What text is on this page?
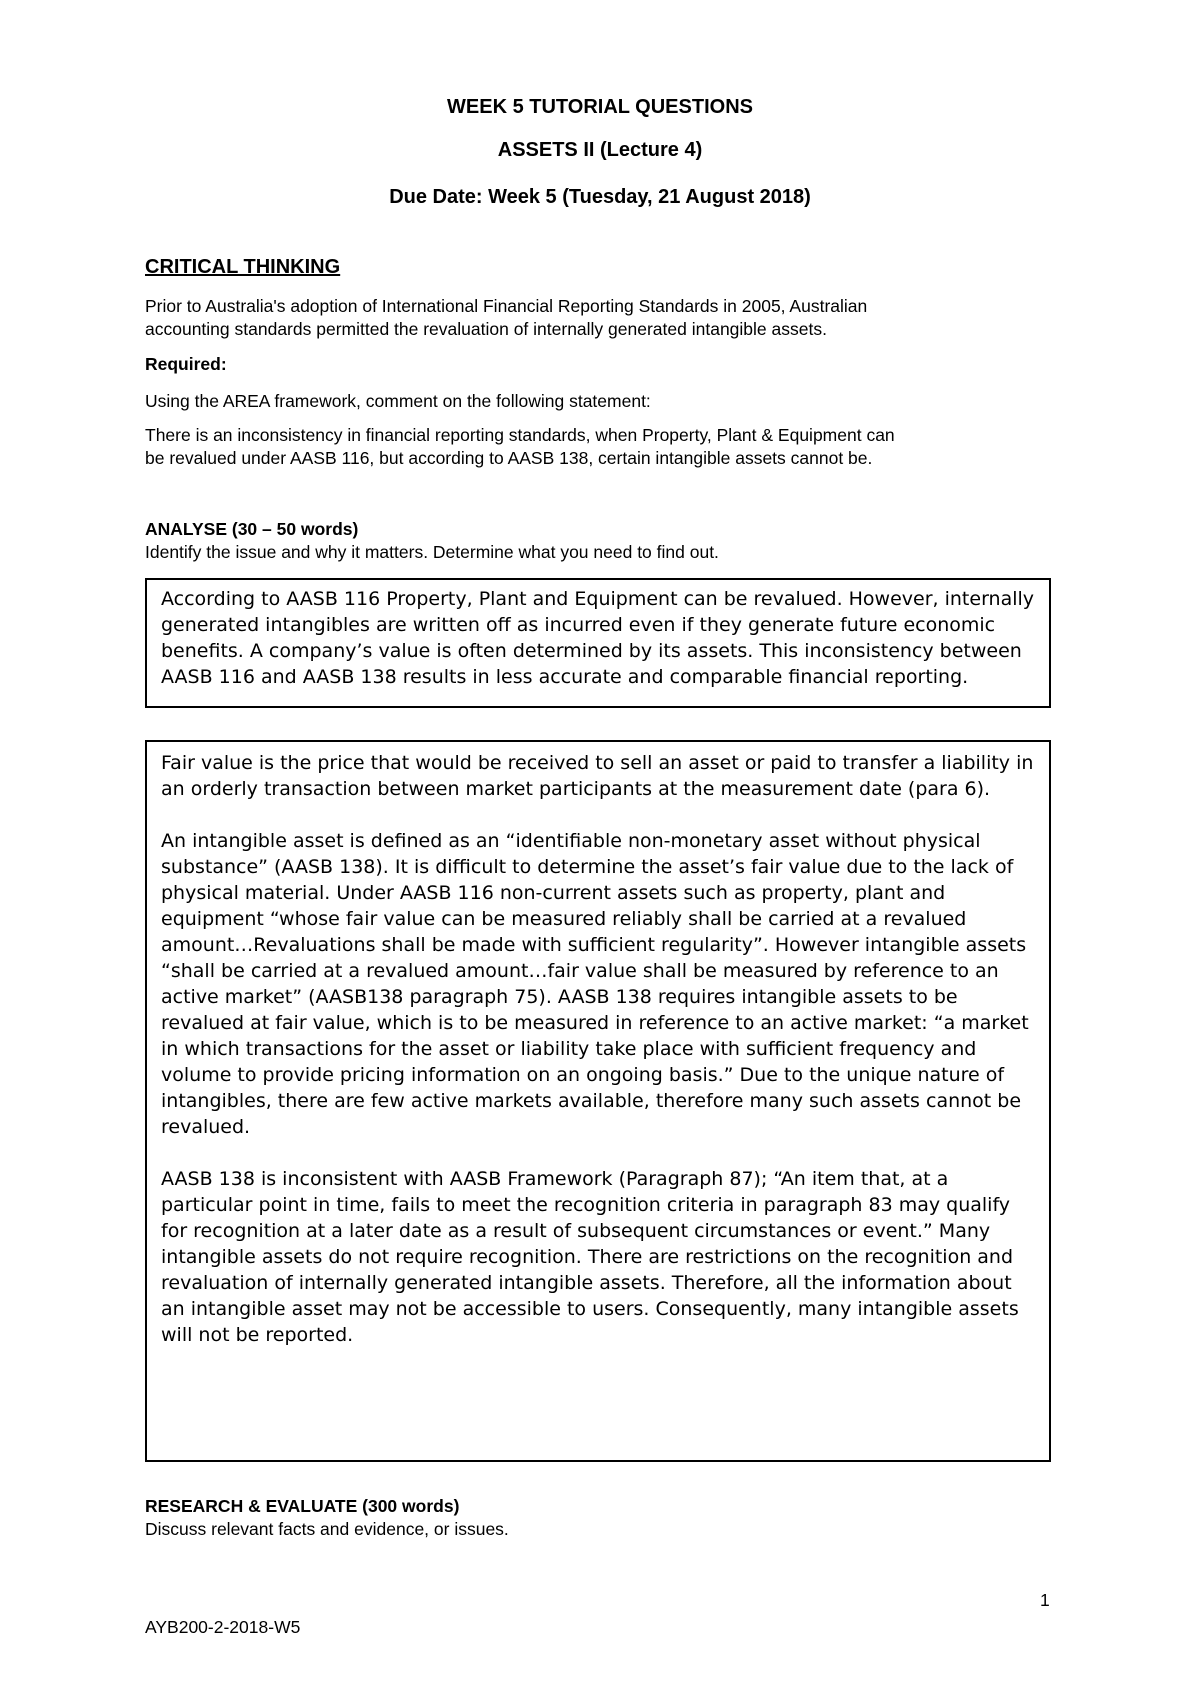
WEEK 5 TUTORIAL QUESTIONS
ASSETS II (Lecture 4)
Due Date: Week 5 (Tuesday, 21 August 2018)
CRITICAL THINKING

Prior to Australia's adoption of International Financial Reporting Standards in 2005, Australian
accounting standards permitted the revaluation of internally generated intangible assets.

Required:

Using the AREA framework, comment on the following statement:

There is an inconsistency in financial reporting standards, when Property, Plant & Equipment can
be revalued under AASB 116, but according to AASB 138, certain intangible assets cannot be.

ANALYSE (30 – 50 words)

Identify the issue and why it matters. Determine what you need to find out.

According to AASB 116 Property, Plant and Equipment can be revalued. However, internally generated intangibles are written off as incurred even if they generate future economic benefits. A company’s value is often determined by its assets. This inconsistency between AASB 116 and AASB 138 results in less accurate and comparable financial reporting.

Fair value is the price that would be received to sell an asset or paid to transfer a liability in an orderly transaction between market participants at the measurement date (para 6).

An intangible asset is defined as an “identifiable non-monetary asset without physical substance” (AASB 138). It is difficult to determine the asset’s fair value due to the lack of physical material. Under AASB 116 non-current assets such as property, plant and equipment “whose fair value can be measured reliably shall be carried at a revalued amount…Revaluations shall be made with sufficient regularity”. However intangible assets “shall be carried at a revalued amount…fair value shall be measured by reference to an active market” (AASB138 paragraph 75). AASB 138 requires intangible assets to be revalued at fair value, which is to be measured in reference to an active market: “a market in which transactions for the asset or liability take place with sufficient frequency and volume to provide pricing information on an ongoing basis.” Due to the unique nature of intangibles, there are few active markets available, therefore many such assets cannot be revalued.

AASB 138 is inconsistent with AASB Framework (Paragraph 87); “An item that, at a particular point in time, fails to meet the recognition criteria in paragraph 83 may qualify for recognition at a later date as a result of subsequent circumstances or event.” Many intangible assets do not require recognition. There are restrictions on the recognition and revaluation of internally generated intangible assets. Therefore, all the information about an intangible asset may not be accessible to users. Consequently, many intangible assets will not be reported.

RESEARCH & EVALUATE (300 words)

Discuss relevant facts and evidence, or issues.

1

AYB200-2-2018-W5
